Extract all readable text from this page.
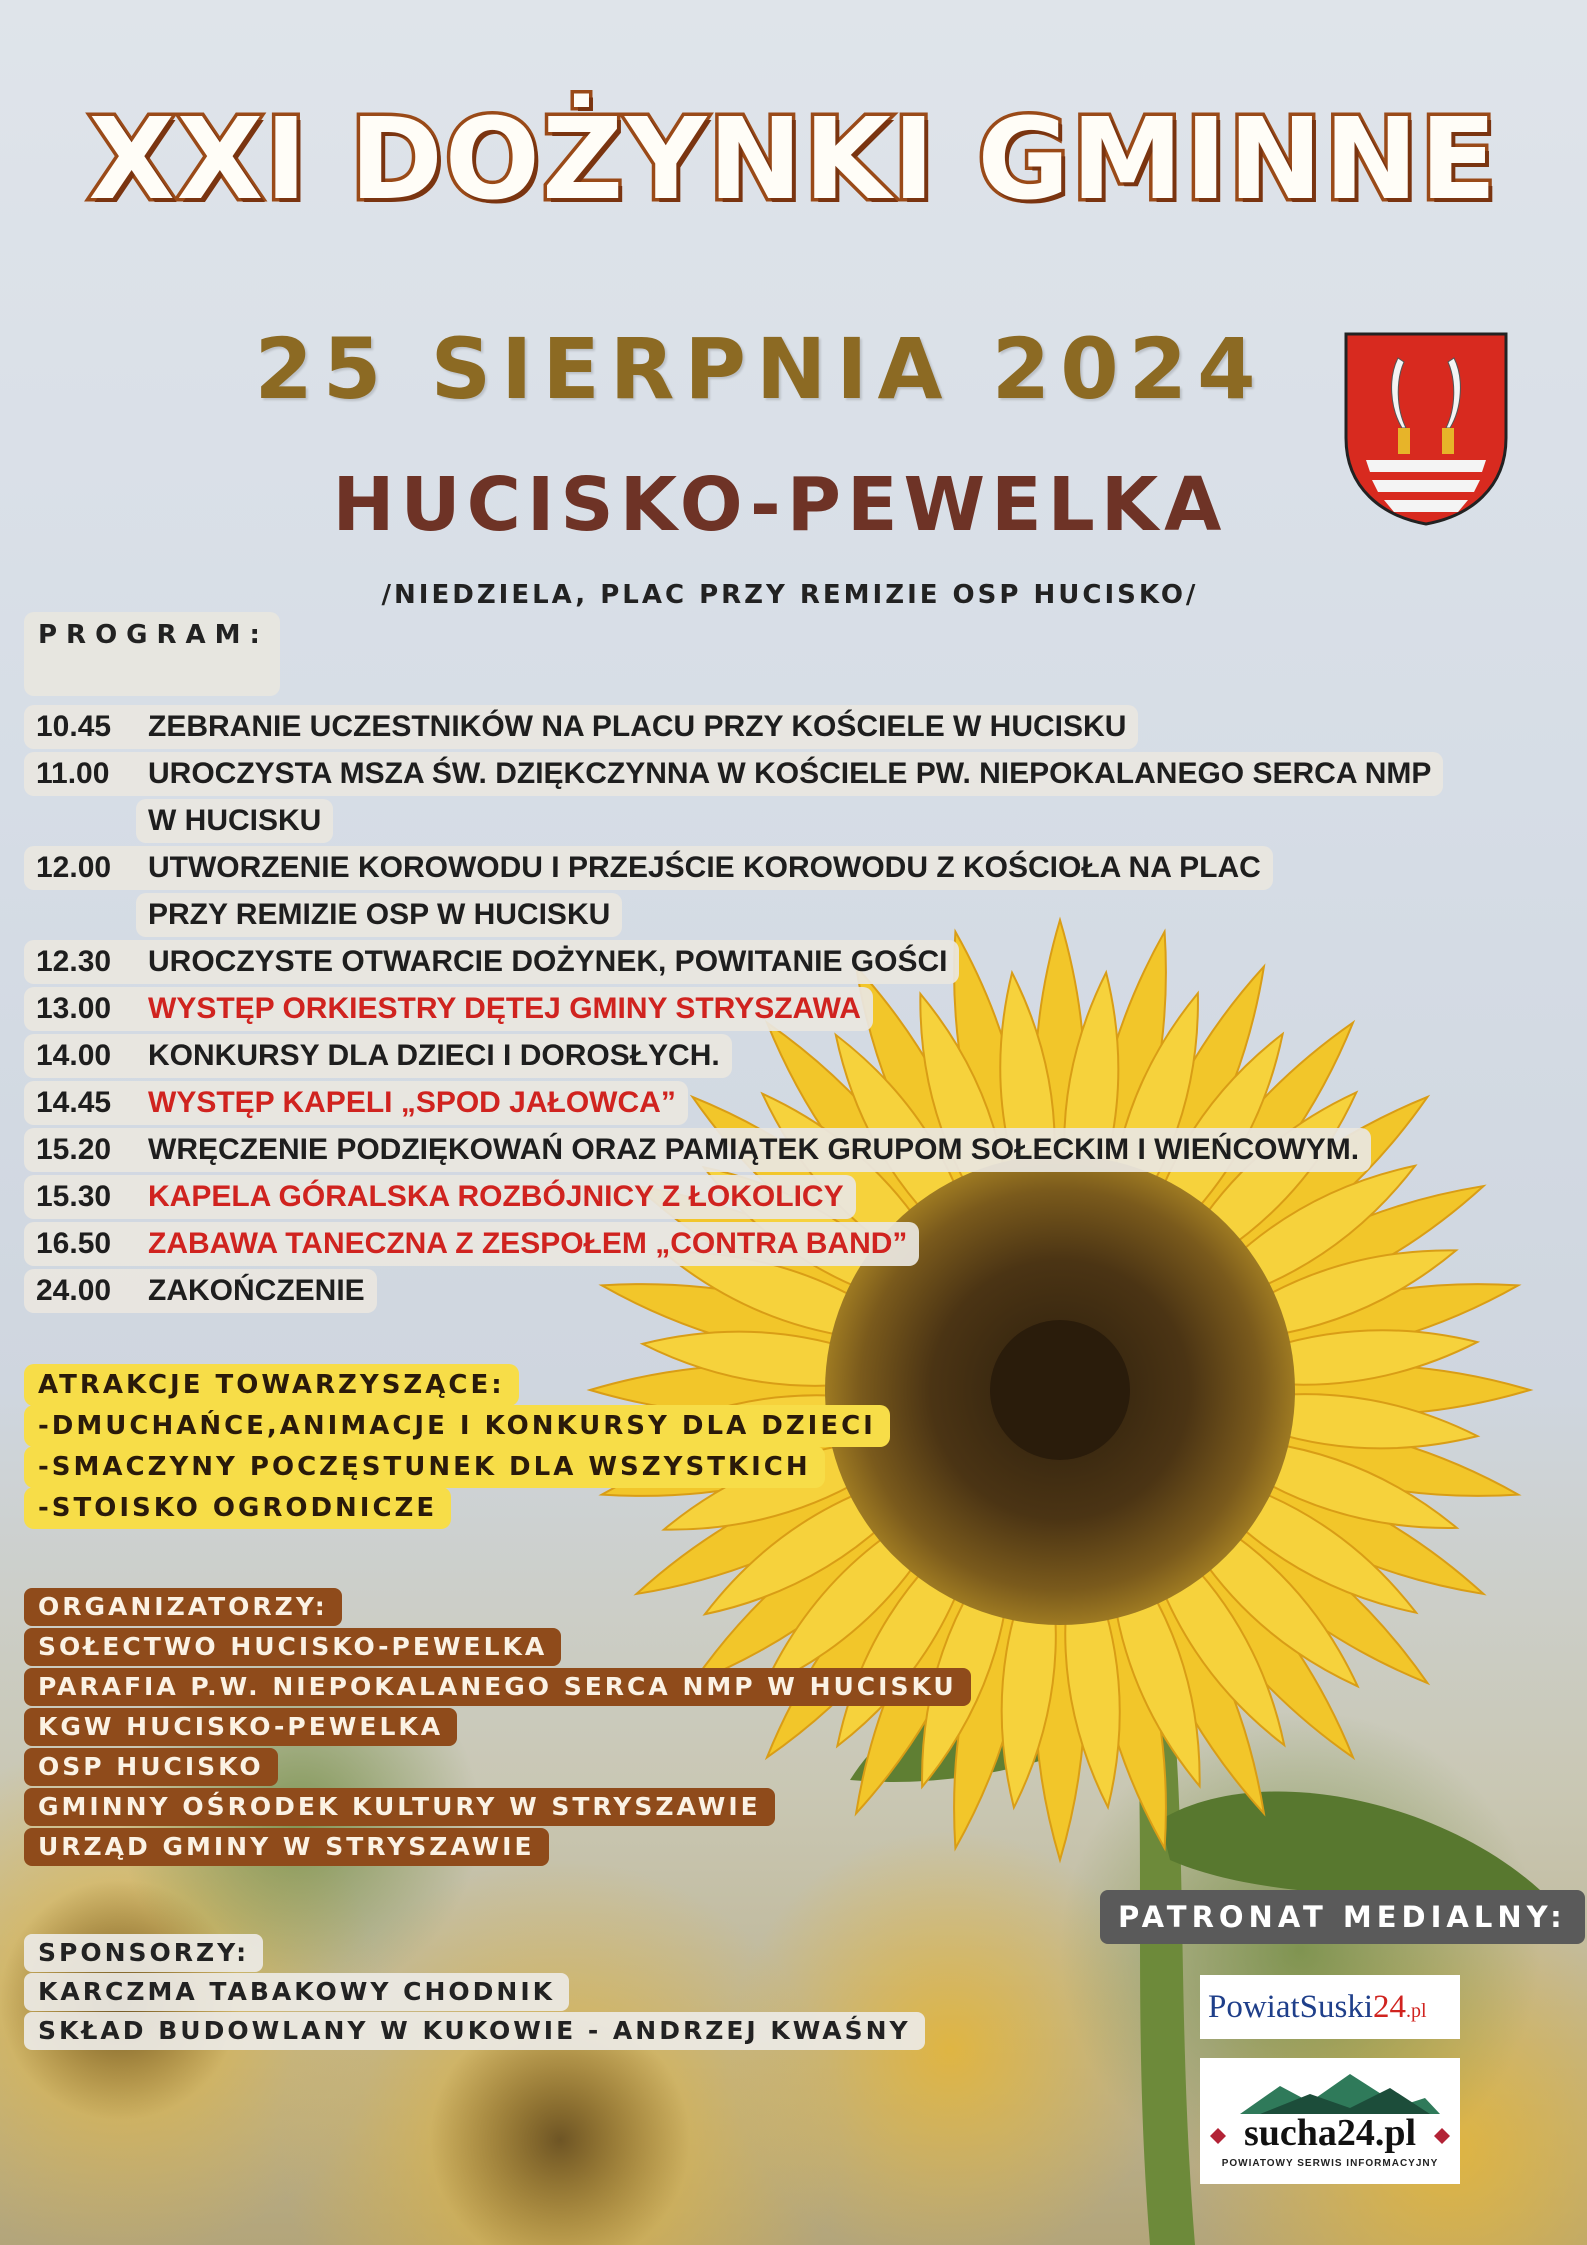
XXI DOŻYNKI GMINNE
25 SIERPNIA 2024
HUCISKO-PEWELKA
/NIEDZIELA, PLAC PRZY REMIZIE OSP HUCISKO/
PROGRAM:
10.45 ZEBRANIE UCZESTNIKÓW NA PLACU PRZY KOŚCIELE W HUCISKU
11.00 UROCZYSTA MSZA ŚW. DZIĘKCZYNNA W KOŚCIELE PW. NIEPOKALANEGO SERCA NMP
W HUCISKU
12.00 UTWORZENIE KOROWODU I PRZEJŚCIE KOROWODU Z KOŚCIOŁA NA PLAC
PRZY REMIZIE OSP W HUCISKU
12.30 UROCZYSTE OTWARCIE DOŻYNEK, POWITANIE GOŚCI
13.00 WYSTĘP ORKIESTRY DĘTEJ GMINY STRYSZAWA
14.00 KONKURSY DLA DZIECI I DOROSŁYCH.
14.45 WYSTĘP KAPELI „SPOD JAŁOWCA”
15.20 WRĘCZENIE PODZIĘKOWAŃ ORAZ PAMIĄTEK GRUPOM SOŁECKIM I WIEŃCOWYM.
15.30 KAPELA GÓRALSKA ROZBÓJNICY Z ŁOKOLICY
16.50 ZABAWA TANECZNA Z ZESPOŁEM „CONTRA BAND”
24.00 ZAKOŃCZENIE
ATRAKCJE TOWARZYSZĄCE:
-DMUCHAŃCE,ANIMACJE I KONKURSY DLA DZIECI
-SMACZYNY POCZĘSTUNEK DLA WSZYSTKICH
-STOISKO OGRODNICZE
ORGANIZATORZY:
SOŁECTWO HUCISKO-PEWELKA
PARAFIA P.W. NIEPOKALANEGO SERCA NMP W HUCISKU
KGW HUCISKO-PEWELKA
OSP HUCISKO
GMINNY OŚRODEK KULTURY W STRYSZAWIE
URZĄD GMINY W STRYSZAWIE
SPONSORZY:
KARCZMA TABAKOWY CHODNIK
SKŁAD BUDOWLANY W KUKOWIE - ANDRZEJ KWAŚNY
PATRONAT MEDIALNY:
PowiatSuski24.pl
sucha24.pl
POWIATOWY SERWIS INFORMACYJNY
